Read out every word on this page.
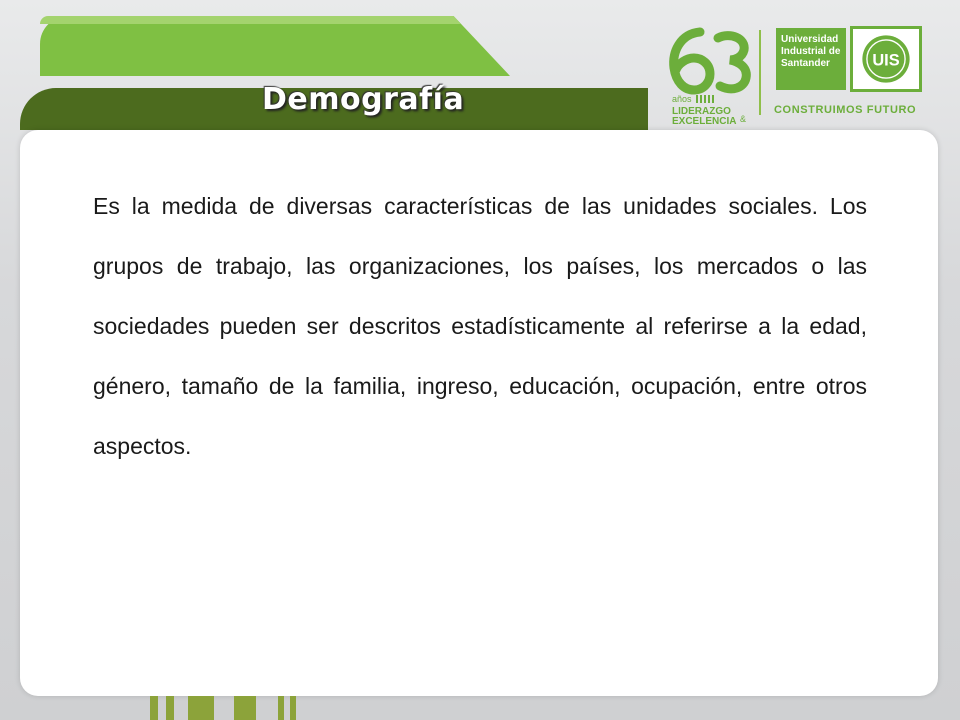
Demografía	años
LIDERAZGO
EXCELENCIA &
Universidad
Industrial de
Santander	UIS
CONSTRUIMOS FUTURO

Es la medida de diversas características de las unidades sociales. Los grupos de trabajo, las organizaciones, los países, los mercados o las sociedades pueden ser descritos estadísticamente al referirse a la edad, género, tamaño de la familia, ingreso, educación, ocupación, entre otros aspectos.
